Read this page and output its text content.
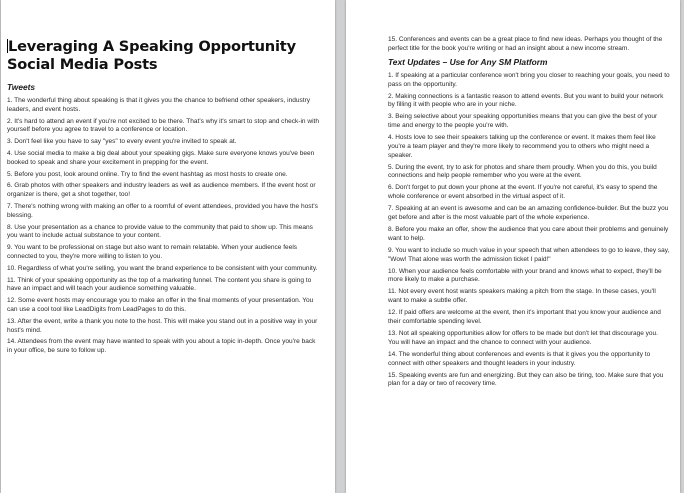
Leveraging A Speaking Opportunity
Social Media Posts
Tweets

1. The wonderful thing about speaking is that it gives you the chance to befriend other speakers, industry leaders, and event hosts.

2. It's hard to attend an event if you're not excited to be there. That's why it's smart to stop and check-in with yourself before you agree to travel to a conference or location.

3. Don't feel like you have to say "yes" to every event you're invited to speak at.

4. Use social media to make a big deal about your speaking gigs. Make sure everyone knows you've been booked to speak and share your excitement in prepping for the event.

5. Before you post, look around online. Try to find the event hashtag as most hosts to create one.

6. Grab photos with other speakers and industry leaders as well as audience members. If the event host or organizer is there, get a shot together, too!

7. There's nothing wrong with making an offer to a roomful of event attendees, provided you have the host's blessing.

8. Use your presentation as a chance to provide value to the community that paid to show up. This means you want to include actual substance to your content.

9. You want to be professional on stage but also want to remain relatable. When your audience feels connected to you, they're more willing to listen to you.

10. Regardless of what you're selling, you want the brand experience to be consistent with your community.

11. Think of your speaking opportunity as the top of a marketing funnel. The content you share is going to have an impact and will teach your audience something valuable.

12. Some event hosts may encourage you to make an offer in the final moments of your presentation. You can use a cool tool like LeadDigits from LeadPages to do this.

13. After the event, write a thank you note to the host. This will make you stand out in a positive way in your host's mind.

14. Attendees from the event may have wanted to speak with you about a topic in-depth. Once you're back in your office, be sure to follow up.

15. Conferences and events can be a great place to find new ideas. Perhaps you thought of the perfect title for the book you're writing or had an insight about a new income stream.

Text Updates – Use for Any SM Platform

1. If speaking at a particular conference won't bring you closer to reaching your goals, you need to pass on the opportunity.

2. Making connections is a fantastic reason to attend events. But you want to build your network by filling it with people who are in your niche.

3. Being selective about your speaking opportunities means that you can give the best of your time and energy to the people you're with.

4. Hosts love to see their speakers talking up the conference or event. It makes them feel like you're a team player and they're more likely to recommend you to others who might need a speaker.

5. During the event, try to ask for photos and share them proudly. When you do this, you build connections and help people remember who you were at the event.

6. Don't forget to put down your phone at the event. If you're not careful, it's easy to spend the whole conference or event absorbed in the virtual aspect of it.

7. Speaking at an event is awesome and can be an amazing confidence-builder. But the buzz you get before and after is the most valuable part of the whole experience.

8. Before you make an offer, show the audience that you care about their problems and genuinely want to help.

9. You want to include so much value in your speech that when attendees to go to leave, they say, "Wow! That alone was worth the admission ticket I paid!"

10. When your audience feels comfortable with your brand and knows what to expect, they'll be more likely to make a purchase.

11. Not every event host wants speakers making a pitch from the stage. In these cases, you'll want to make a subtle offer.

12. If paid offers are welcome at the event, then it's important that you know your audience and their comfortable spending level.

13. Not all speaking opportunities allow for offers to be made but don't let that discourage you. You will have an impact and the chance to connect with your audience.

14. The wonderful thing about conferences and events is that it gives you the opportunity to connect with other speakers and thought leaders in your industry.

15. Speaking events are fun and energizing. But they can also be tiring, too. Make sure that you plan for a day or two of recovery time.
